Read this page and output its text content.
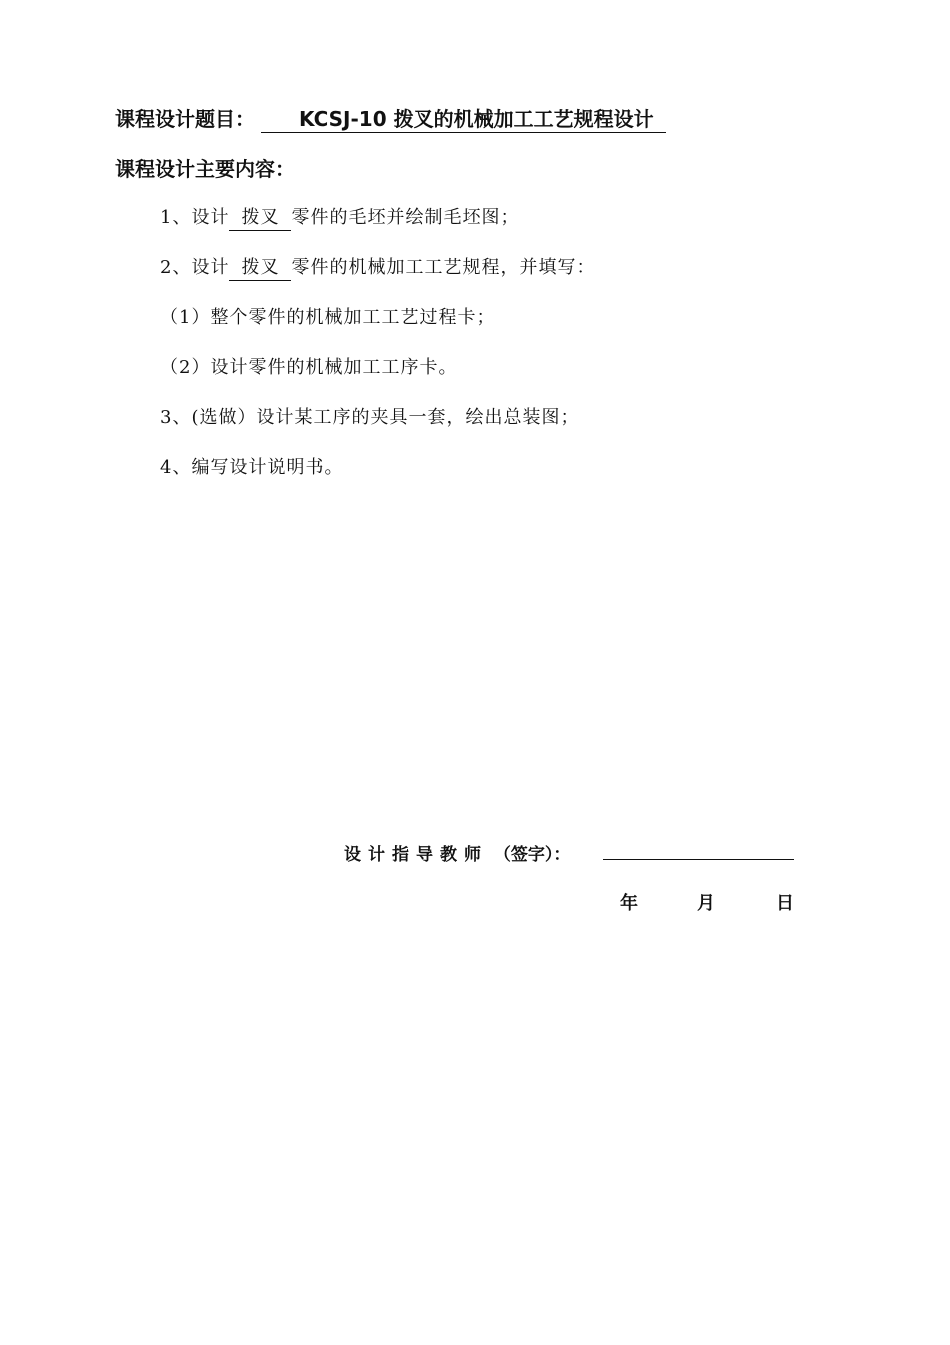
课程设计题目： KCSJ-10 拨叉的机械加工工艺规程设计
课程设计主要内容：
1、设计 拨叉 零件的毛坯并绘制毛坯图；
2、设计 拨叉 零件的机械加工工艺规程，并填写：
（1）整个零件的机械加工工艺过程卡；
（2）设计零件的机械加工工序卡。
3、(选做）设计某工序的夹具一套，绘出总装图；
4、编写设计说明书。
设计指导教师 （签字）：
年	月	日
